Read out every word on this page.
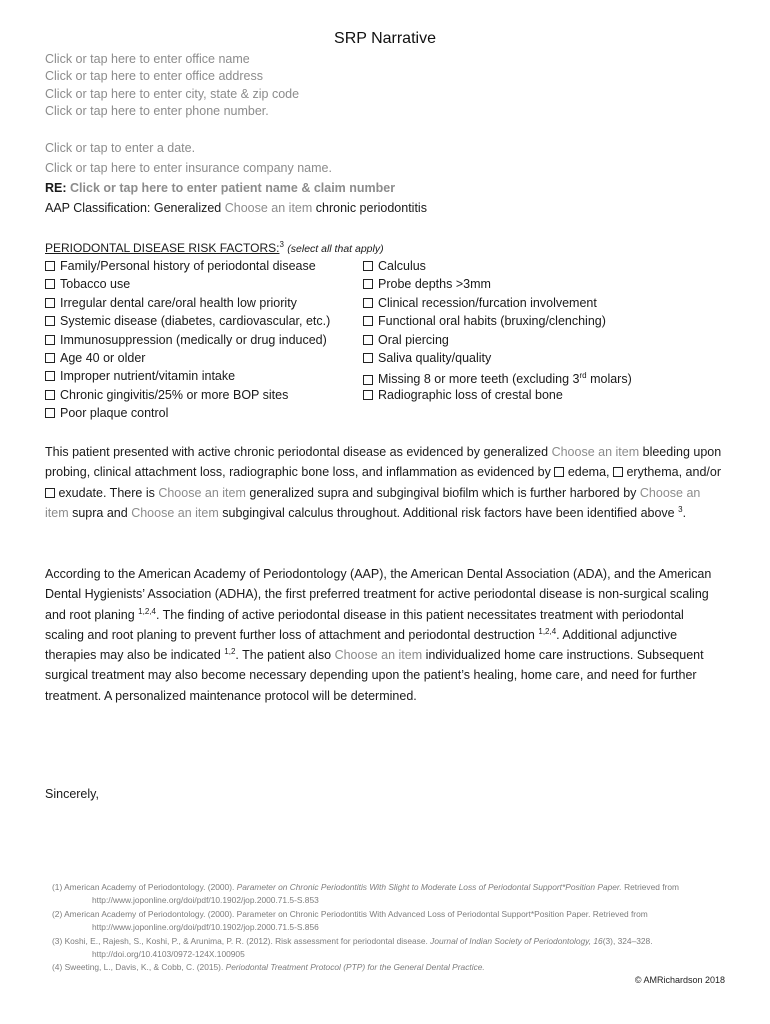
SRP Narrative
Click or tap here to enter office name
Click or tap here to enter office address
Click or tap here to enter city, state & zip code
Click or tap here to enter phone number.
Click or tap to enter a date.
Click or tap here to enter insurance company name.
RE: Click or tap here to enter patient name & claim number
AAP Classification: Generalized Choose an item chronic periodontitis
PERIODONTAL DISEASE RISK FACTORS:$^3$ (select all that apply)
Family/Personal history of periodontal disease
Tobacco use
Irregular dental care/oral health low priority
Systemic disease (diabetes, cardiovascular, etc.)
Immunosuppression (medically or drug induced)
Age 40 or older
Improper nutrient/vitamin intake
Chronic gingivitis/25% or more BOP sites
Poor plaque control
Calculus
Probe depths >3mm
Clinical recession/furcation involvement
Functional oral habits (bruxing/clenching)
Oral piercing
Saliva quality/quality
Missing 8 or more teeth (excluding 3rd molars)
Radiographic loss of crestal bone
This patient presented with active chronic periodontal disease as evidenced by generalized Choose an item bleeding upon probing, clinical attachment loss, radiographic bone loss, and inflammation as evidenced by edema, erythema, and/or  exudate. There is Choose an item generalized supra and subgingival biofilm which is further harbored by Choose an item supra and Choose an item subgingival calculus throughout. Additional risk factors have been identified above $^3$.
According to the American Academy of Periodontology (AAP), the American Dental Association (ADA), and the American Dental Hygienists’ Association (ADHA), the first preferred treatment for active periodontal disease is non-surgical scaling and root planing $^{1,2,4}$. The finding of active periodontal disease in this patient necessitates treatment with periodontal scaling and root planing to prevent further loss of attachment and periodontal destruction $^{1,2,4}$. Additional adjunctive therapies may also be indicated $^{1,2}$. The patient also Choose an item individualized home care instructions. Subsequent surgical treatment may also become necessary depending upon the patient’s healing, home care, and need for further treatment. A personalized maintenance protocol will be determined.
Sincerely,
(1) American Academy of Periodontology. (2000). Parameter on Chronic Periodontitis With Slight to Moderate Loss of Periodontal Support*Position Paper. Retrieved from http://www.joponline.org/doi/pdf/10.1902/jop.2000.71.5-S.853
(2) American Academy of Periodontology. (2000). Parameter on Chronic Periodontitis With Advanced Loss of Periodontal Support*Position Paper. Retrieved from http://www.joponline.org/doi/pdf/10.1902/jop.2000.71.5-S.856
(3) Koshi, E., Rajesh, S., Koshi, P., & Arunima, P. R. (2012). Risk assessment for periodontal disease. Journal of Indian Society of Periodontology, 16(3), 324–328. http://doi.org/10.4103/0972-124X.100905
(4) Sweeting, L., Davis, K., & Cobb, C. (2015). Periodontal Treatment Protocol (PTP) for the General Dental Practice.
© AMRichardson 2018
